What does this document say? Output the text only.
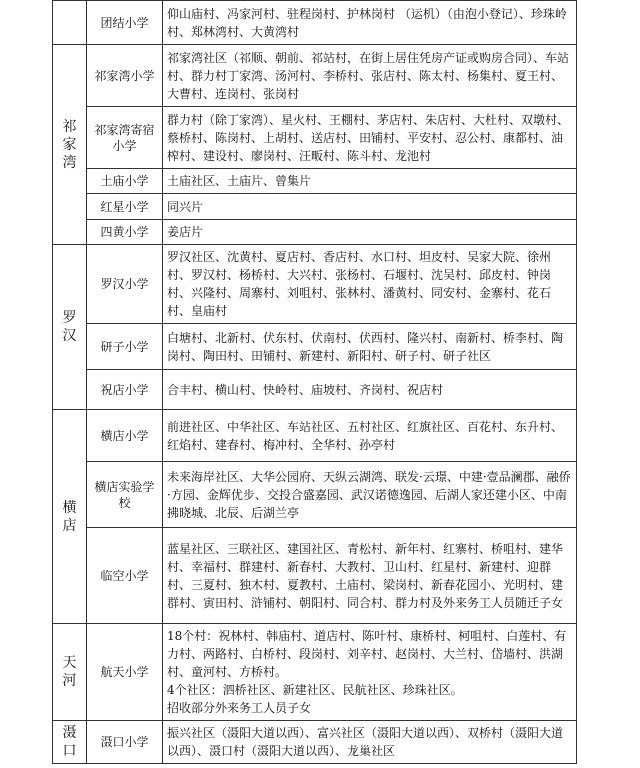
	团结小学	仰山庙村、冯家河村、驻程岗村、护林岗村 （运机）（由泡小登记）、珍珠岭村、郑林湾村、大黄湾村

祁家湾	祁家湾小学	祁家湾社区（祁顺、朝前、祁站村，在街上居住凭房产证或购房合同）、车站村、群力村丁家湾、汤河村、李桥村、张店村、陈太村、杨集村、夏王村、大曹村、连岗村、张岗村
	祁家湾寄宿小学	群力村（除丁家湾）、星火村、王棚村、茅店村、朱店村、大杜村、双墩村、蔡桥村、陈岗村、上胡村、送店村、田铺村、平安村、忍公村、康都村、油榨村、建设村、廖岗村、汪畈村、陈斗村、龙池村
	土庙小学	土庙社区、土庙片、曾集片
	红星小学	同兴片
	四黄小学	姜店片

罗汉	罗汉小学	罗汉社区、沈黄村、夏店村、香店村、水口村、坦皮村、吴家大院、徐州村、罗汉村、杨桥村、大兴村、张杨村、石堰村、沈吴村、邱皮村、钟岗村、兴隆村、周寨村、刘咀村、张林村、潘黄村、同安村、金寨村、花石村、皇庙村
	研子小学	白塘村、北新村、伏东村、伏南村、伏西村、隆兴村、南新村、桥李村、陶岗村、陶田村、田铺村、新建村、新阳村、研子村、研子社区
	祝店小学	合丰村、横山村、快岭村、庙坡村、齐岗村、祝店村

横店	横店小学	前进社区、中华社区、车站社区、五村社区、红旗社区、百花村、东升村、红焰村、建春村、梅冲村、全华村、孙亭村
	横店实验学校	未来海岸社区、大华公园府、天纵云湖湾、联发·云璟、中建·壹品澜郡、融侨·方园、金辉优步、交投合盛嘉园、武汉诺德逸园、后湖人家还建小区、中南拂晓城、北辰、后湖兰亭
	临空小学	蓝星社区、三联社区、建国社区、青松村、新年村、红寨村、桥咀村、建华村、幸福村、群建村、新春村、大教村、卫山村、红星村、新建村、迎群村、三夏村、独木村、夏教村、土庙村、梁岗村、新春花园小、光明村、建群村、寅田村、浒铺村、朝阳村、同合村、群力村及外来务工人员随迁子女

天河	航天小学	18个村：祝林村、韩庙村、道店村、陈叶村、康桥村、柯咀村、白莲村、有力村、两路村、白桥村、段岗村、刘辛村、赵岗村、大兰村、岱墙村、洪湖村、童河村、方桥村。
4个社区：泗桥社区、新建社区、民航社区、珍珠社区。
招收部分外来务工人员子女

滠口	滠口小学	振兴社区（滠阳大道以西）、富兴社区（滠阳大道以西）、双桥村（滠阳大道以西）、滠口村（滠阳大道以西）、龙巢社区
